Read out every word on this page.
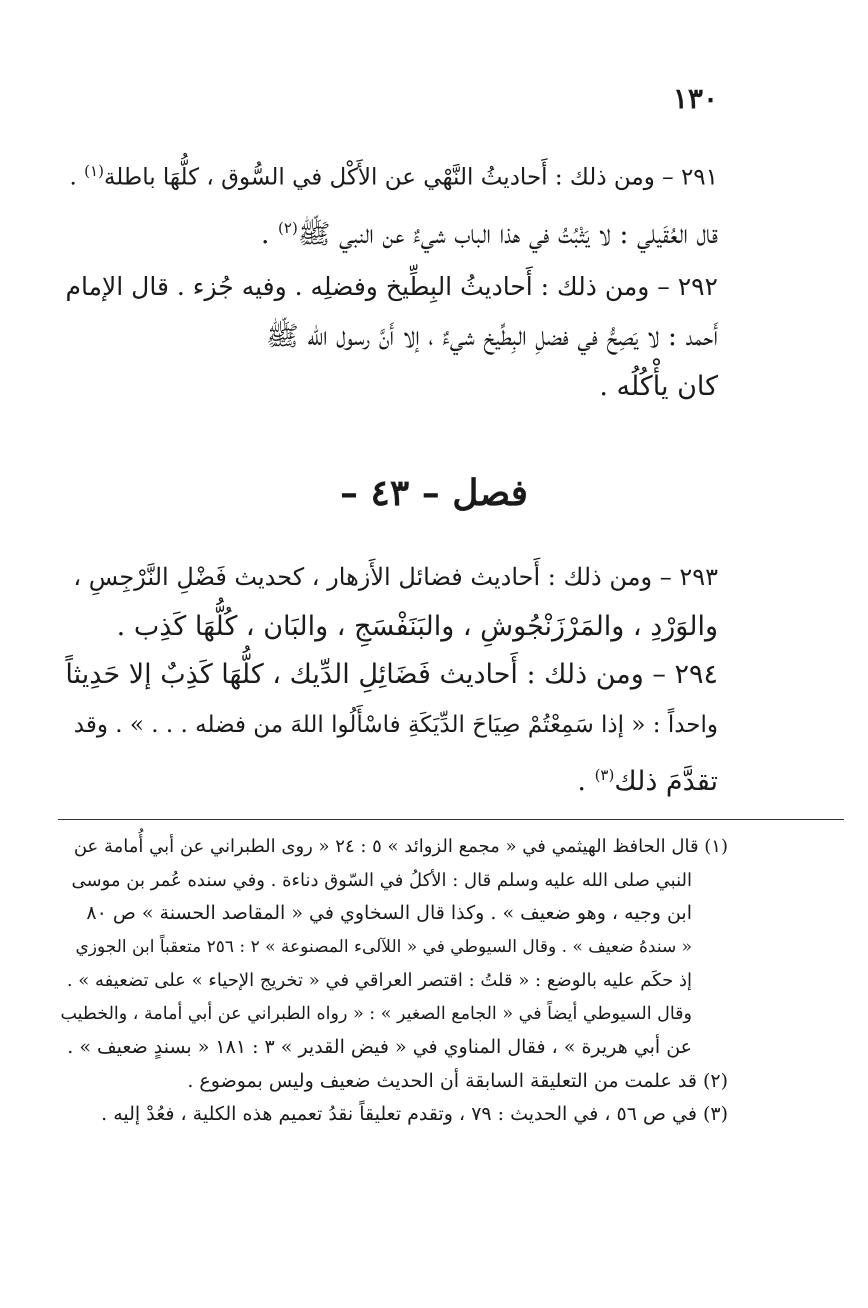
١٣٠
٢٩١ – ومن ذلك : أَحاديثُ النَّهْي عن الأَكْل في السُّوق ، كلُّهَا باطلة$^{(١)}$ .
قال العُقَيلي : لا يَثْبُتُ في هذا الباب شيءٌ عن النبي ﷺ$^{(٢)}$ .
٢٩٢ – ومن ذلك : أَحاديثُ البِطِّيخ وفضلِه . وفيه جُزء . قال الإمام
أَحمد : لا يَصِحُّ في فضلِ البِطِّيخ شيءٌ ، إلا أَنَّ رسول الله ﷺ
كان يأْكُلُه .
فصل – ٤٣ –
٢٩٣ – ومن ذلك : أَحاديث فضائل الأَزهار ، كحديث فَضْلِ النَّرْجِسِ ،
والوَرْدِ ، والمَرْزَنْجُوشِ ، والبَنَفْسَجِ ، والبَان ، كُلُّهَا كَذِب .
٢٩٤ – ومن ذلك : أَحاديث فَضَائِلِ الدِّيك ، كلُّهَا كَذِبٌ إلا حَدِيثاً
واحداً : « إذا سَمِعْتُمْ صِيَاحَ الدِّيَكَةِ فاسْأَلُوا اللهَ من فضله . . . » . وقد
تقدَّمَ ذلك$^{(٣)}$ .
(١) قال الحافظ الهيثمي في « مجمع الزوائد » ٥ : ٢٤ « روى الطبراني عن أبي أُمامة عن
النبي صلى الله عليه وسلم قال : الأكلُ في السّوق دناءة . وفي سنده عُمر بن موسى
ابن وجيه ، وهو ضعيف » . وكذا قال السخاوي في « المقاصد الحسنة » ص ٨٠
« سندهُ ضعيف » . وقال السيوطي في « اللآلىء المصنوعة » ٢ : ٢٥٦ متعقباً ابن الجوزي
إذ حكَم عليه بالوضع : « قلتُ : اقتصر العراقي في « تخريج الإحياء » على تضعيفه » .
وقال السيوطي أيضاً في « الجامع الصغير » : « رواه الطبراني عن أبي أمامة ، والخطيب
عن أبي هريرة » ، فقال المناوي في « فيض القدير » ٣ : ١٨١ « بسندٍ ضعيف » .
(٢) قد علمت من التعليقة السابقة أن الحديث ضعيف وليس بموضوع .
(٣) في ص ٥٦ ، في الحديث : ٧٩ ، وتقدم تعليقاً نقدُ تعميم هذه الكلية ، فعُدْ إليه .
